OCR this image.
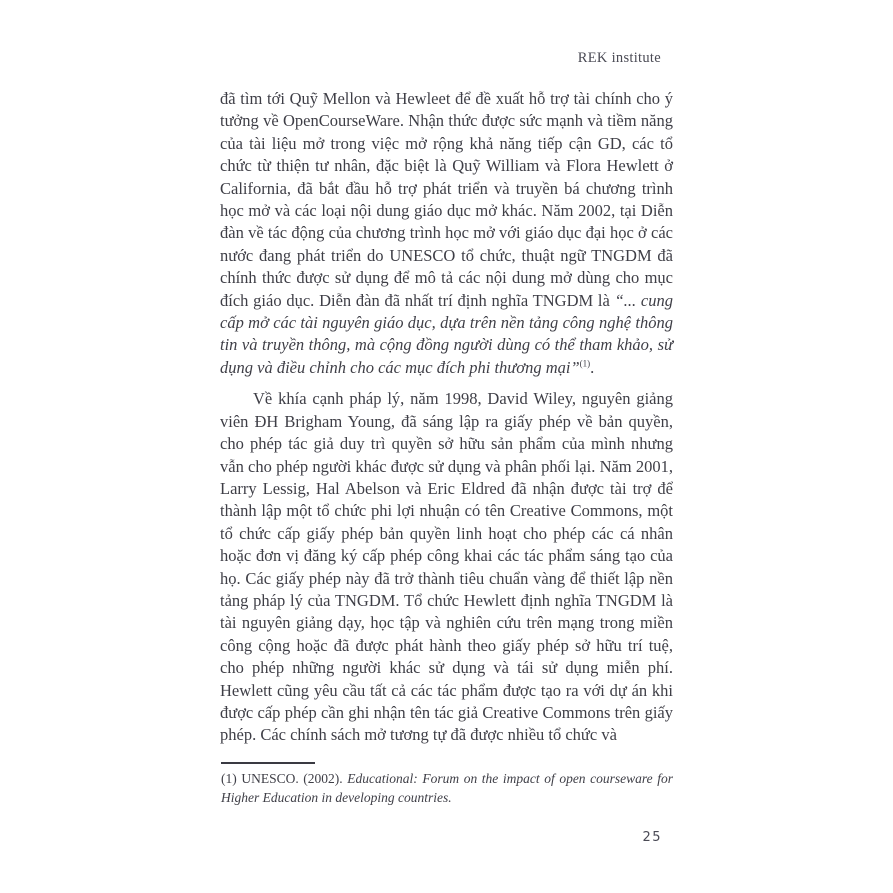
REK institute

đã tìm tới Quỹ Mellon và Hewleet để đề xuất hỗ trợ tài chính cho ý tưởng về OpenCourseWare. Nhận thức được sức mạnh và tiềm năng của tài liệu mở trong việc mở rộng khả năng tiếp cận GD, các tổ chức từ thiện tư nhân, đặc biệt là Quỹ William và Flora Hewlett ở California, đã bắt đầu hỗ trợ phát triển và truyền bá chương trình học mở và các loại nội dung giáo dục mở khác. Năm 2002, tại Diễn đàn về tác động của chương trình học mở với giáo dục đại học ở các nước đang phát triển do UNESCO tổ chức, thuật ngữ TNGDM đã chính thức được sử dụng để mô tả các nội dung mở dùng cho mục đích giáo dục. Diễn đàn đã nhất trí định nghĩa TNGDM là “... cung cấp mở các tài nguyên giáo dục, dựa trên nền tảng công nghệ thông tin và truyền thông, mà cộng đồng người dùng có thể tham khảo, sử dụng và điều chỉnh cho các mục đích phi thương mại”$^{(1)}$.

Về khía cạnh pháp lý, năm 1998, David Wiley, nguyên giảng viên ĐH Brigham Young, đã sáng lập ra giấy phép về bản quyền, cho phép tác giả duy trì quyền sở hữu sản phẩm của mình nhưng vẫn cho phép người khác được sử dụng và phân phối lại. Năm 2001, Larry Lessig, Hal Abelson và Eric Eldred đã nhận được tài trợ để thành lập một tổ chức phi lợi nhuận có tên Creative Commons, một tổ chức cấp giấy phép bản quyền linh hoạt cho phép các cá nhân hoặc đơn vị đăng ký cấp phép công khai các tác phẩm sáng tạo của họ. Các giấy phép này đã trở thành tiêu chuẩn vàng để thiết lập nền tảng pháp lý của TNGDM. Tổ chức Hewlett định nghĩa TNGDM là tài nguyên giảng dạy, học tập và nghiên cứu trên mạng trong miền công cộng hoặc đã được phát hành theo giấy phép sở hữu trí tuệ, cho phép những người khác sử dụng và tái sử dụng miễn phí. Hewlett cũng yêu cầu tất cả các tác phẩm được tạo ra với dự án khi được cấp phép cần ghi nhận tên tác giả Creative Commons trên giấy phép. Các chính sách mở tương tự đã được nhiều tổ chức và

(1) UNESCO. (2002). Educational: Forum on the impact of open courseware for Higher Education in developing countries.

25
